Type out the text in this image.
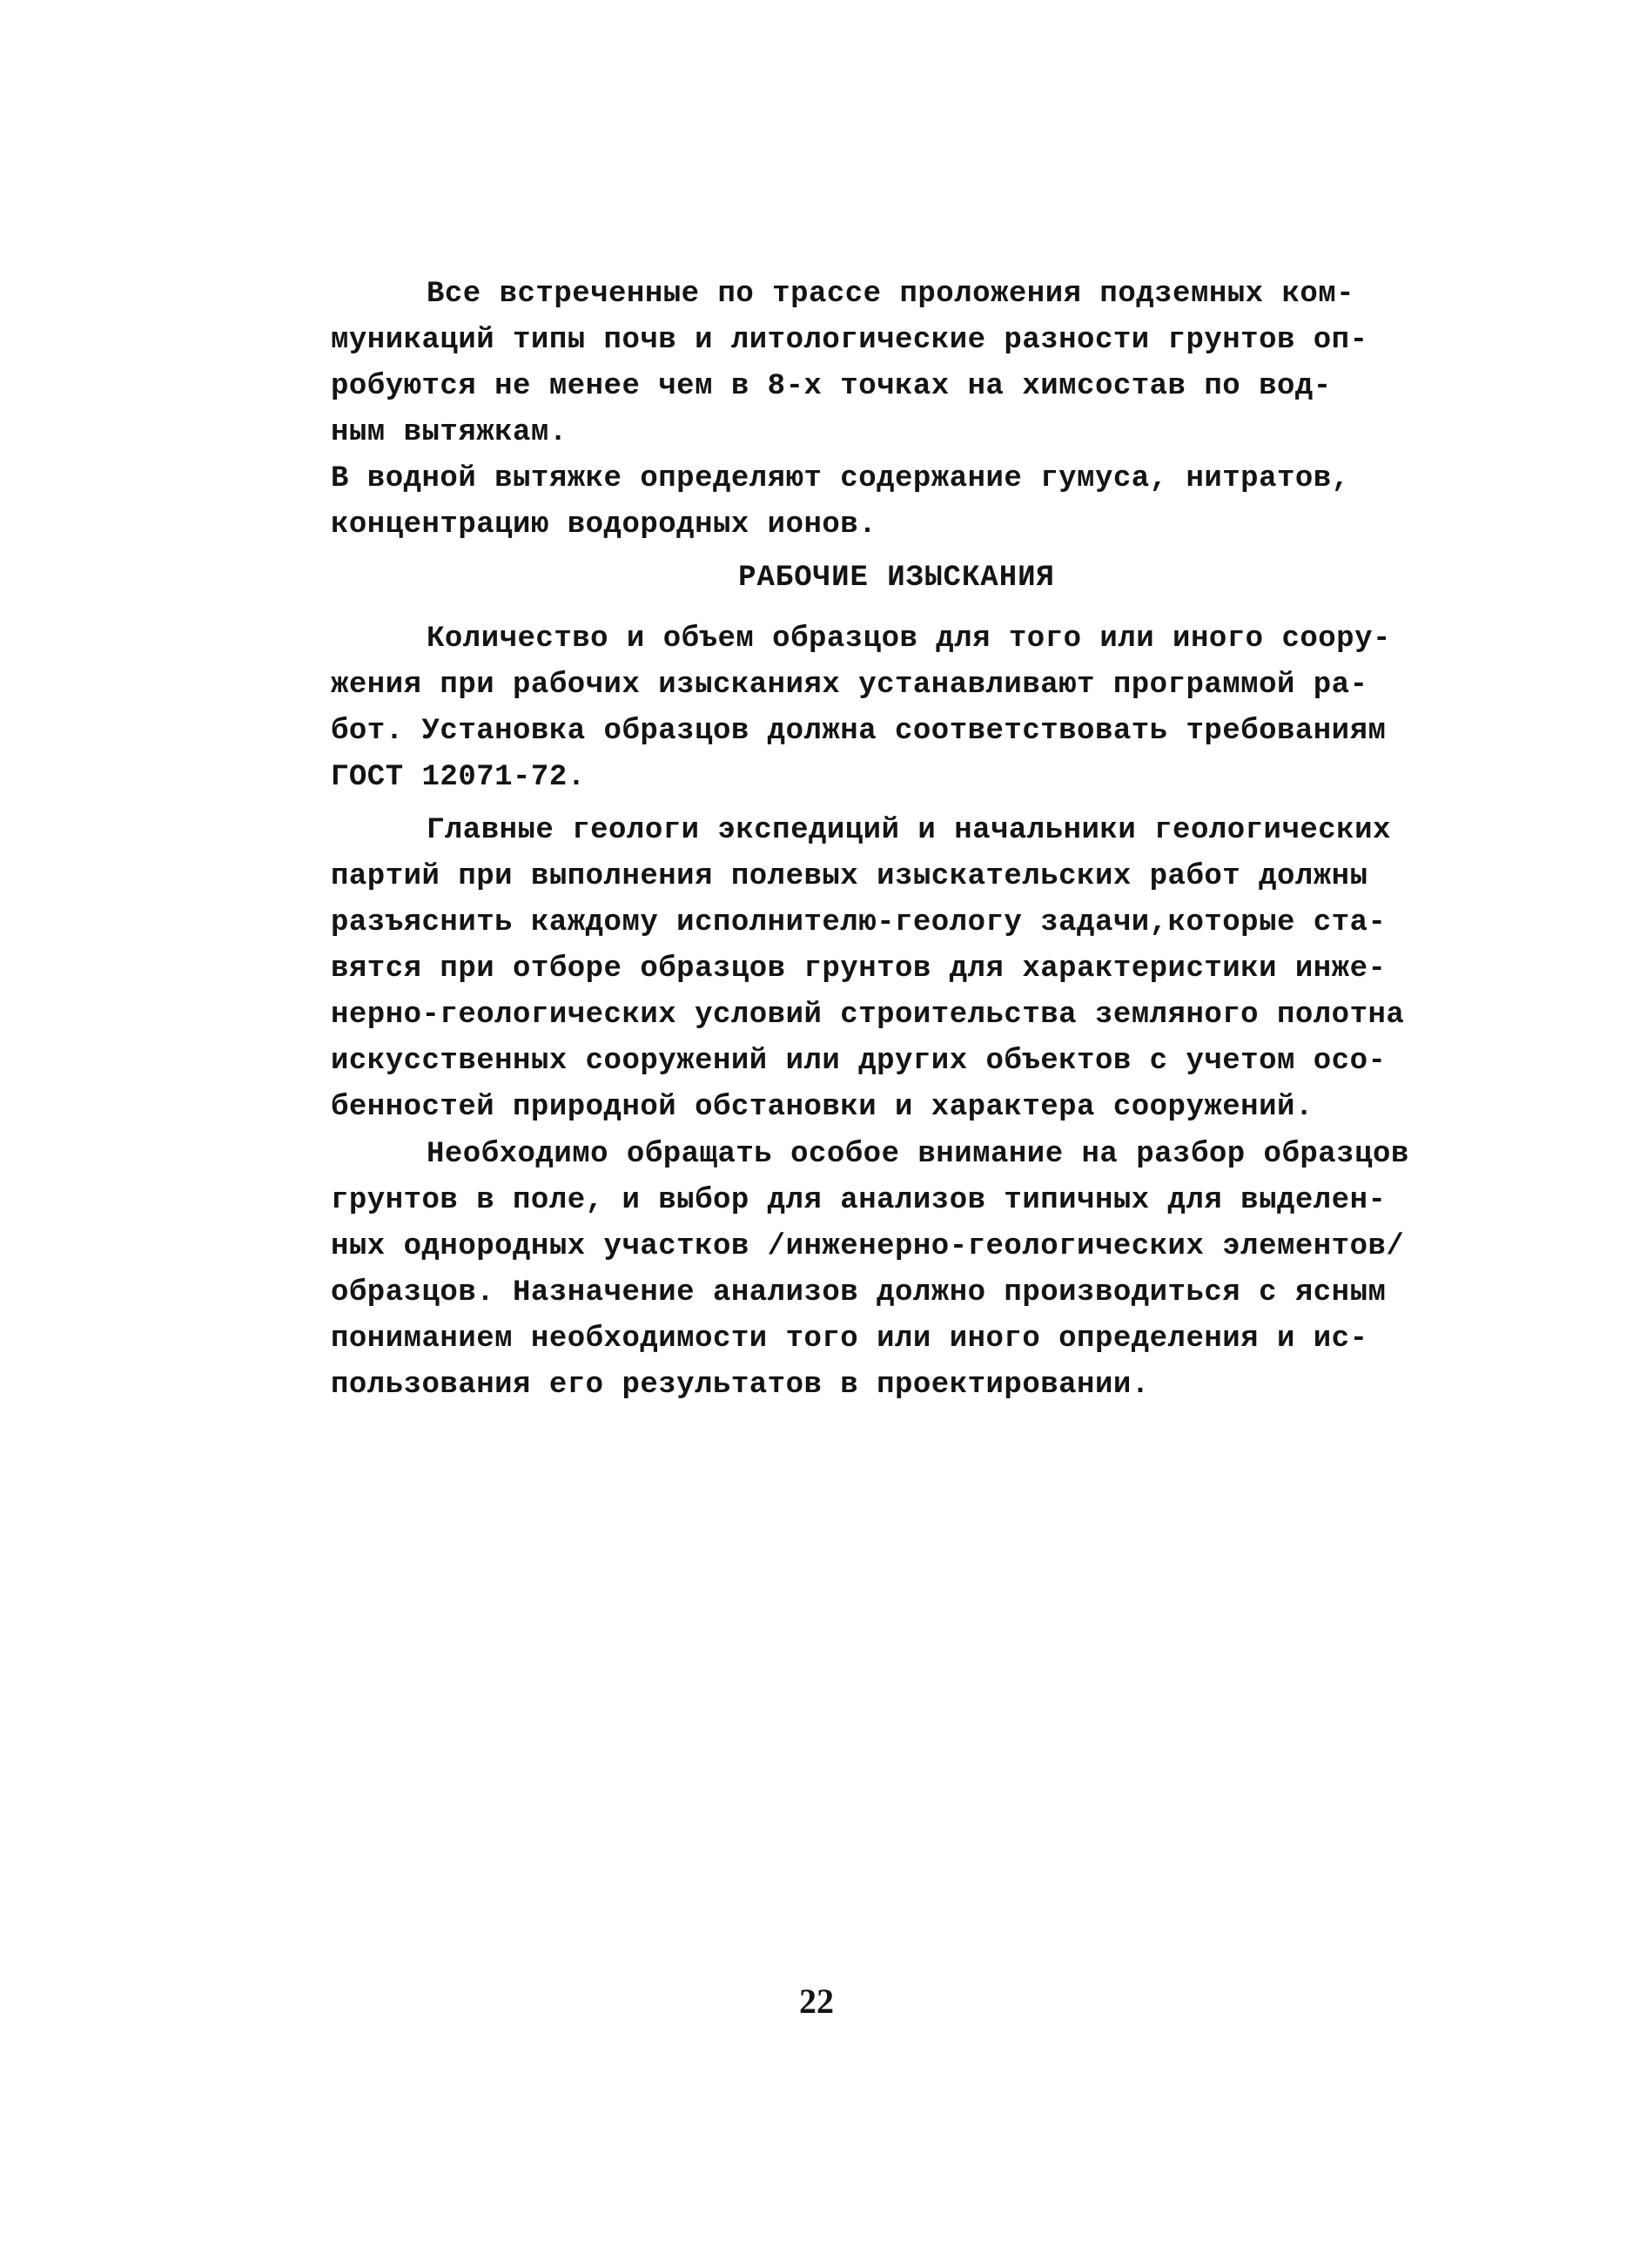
Все встреченные по трассе проложения подземных ком-
муникаций типы почв и литологические разности грунтов оп-
робуются не менее чем в 8-х точках на химсостав по вод-
ным вытяжкам.
В водной вытяжке определяют содержание гумуса, нитратов,
концентрацию водородных ионов.
РАБОЧИЕ ИЗЫСКАНИЯ
Количество и объем образцов для того или иного соору-
жения при рабочих изысканиях устанавливают программой ра-
бот. Установка образцов должна соответствовать требованиям
ГОСТ 12071-72.
Главные геологи экспедиций и начальники геологических
партий при выполнения полевых изыскательских работ должны
разъяснить каждому исполнителю-геологу задачи,которые ста-
вятся при отборе образцов грунтов для характеристики инже-
нерно-геологических условий строительства земляного полотна
искусственных сооружений или других объектов с учетом осо-
бенностей природной обстановки и характера сооружений.
Необходимо обращать особое внимание на разбор образцов
грунтов в поле, и выбор для анализов типичных для выделен-
ных однородных участков /инженерно-геологических элементов/
образцов. Назначение анализов должно производиться с ясным
пониманием необходимости того или иного определения и ис-
пользования его результатов в проектировании.
22
